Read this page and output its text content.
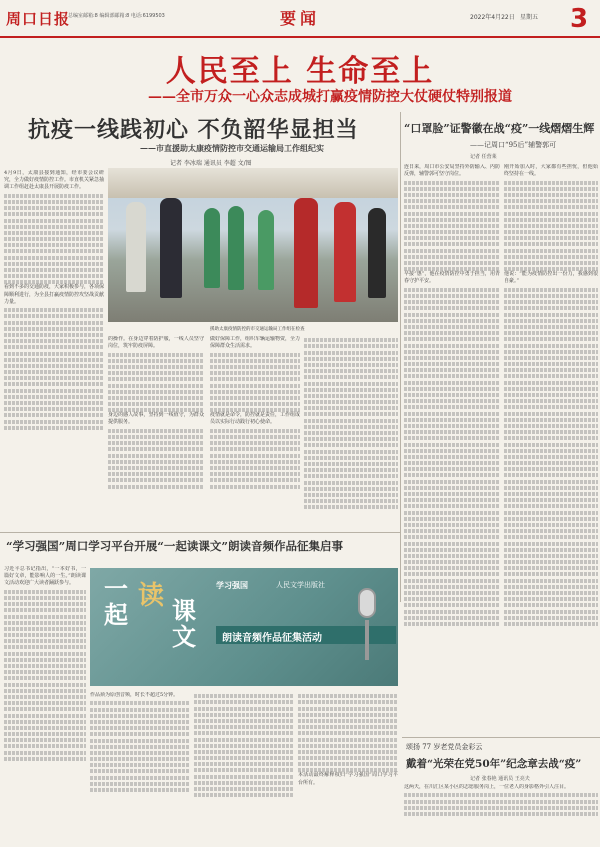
周口日报
总编室邮箱:8 编辑部邮箱:8 电话:6199503	要闻	2022年4月22日 星期五 3
人民至上 生命至上
——全市万众一心众志成城打赢疫情防控大仗硬仗特别报道
抗疫一线践初心 不负韶华显担当
——市直援助太康疫情防控市交通运输局工作组纪实
记者 李冰瑞 通讯员 李超 文/图
援助太康疫情防控的市交通运输局工作组在检查
4月9日，太康县接到通知，经市委会议研究，全力做好疫情防控工作。市直机关紧急抽调工作组赶赴太康县开展防疫工作。
看到不多的交通防疫，大家积极参与，各项保障顺利进行，为全县打赢疫情防控攻坚战贡献力量。
的操作。在身边穿着防护服，一线人员坚守岗位，筑牢防疫屏障。
身边的感人故事，坚持到一线值守，为群众提供服务。
做好保障工作，组织车辆运输物资，全力保障群众生活需求。
疫情就是命令，防控就是责任，工作组成员以实际行动践行初心使命。
“口罩脸”证警徽在战“疫”一线熠熠生辉
——记周口“95后”辅警郭可
记者 任营莱
连日来，周口市公安局坚持外防输入、内防反弹，辅警郭可坚守岗位。
早接“惠”，他在疫情防控中勇于担当，用青春守护平安。
刚开始加入时，大家都有些担忧，但他始终坚持在一线。
他说：“能为疫情防控出一份力，我感到很自豪。”
“学习强国”周口学习平台开展“一起读课文”朗读音频作品征集启事
习近平总书记指出，“一本好书，一篇好文章，能影响人的一生。”朗读课文活动欢迎广大读者踊跃参与。	一起
读 课文
学习强国	人民文学出版社
朗读音频作品征集活动
作品须为原创音频，时长不超过5分钟。
本活动最终解释权归“学习强国”周口学习平台所有。
颂扬 77 岁老党员金彩云
戴着“光荣在党50年”纪念章去战“疫”
记者 张春艳 通讯员 王亮夫
这两天，在川汇区某小区的志愿服务岗上，一位老人的身影格外引人注目。
